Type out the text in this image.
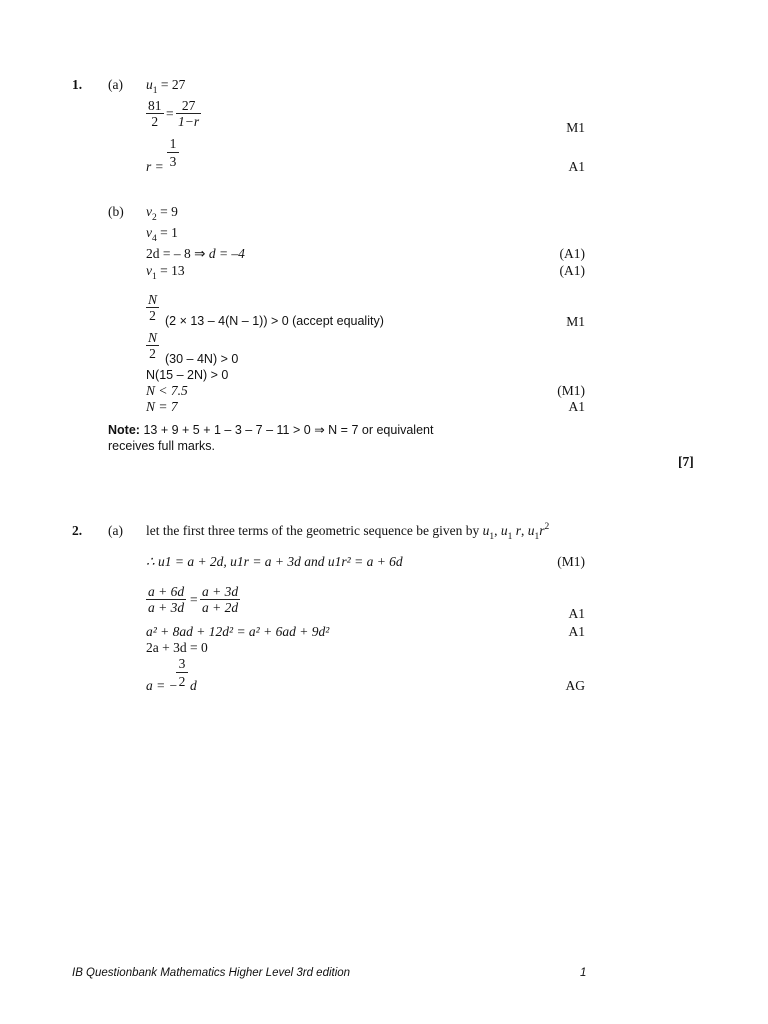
1. (a) $u_1 = 27$
$\frac{81}{2} = \frac{27}{1-r}$	M1
r =
1
3	A1
(b) $v_2 = 9$
$v_4 = 1$
2d = – 8 ⇒ d = –4	(A1)
$v_1 = 13$	(A1)
$\frac{N}{2} (2 \times 13 - 4(N - 1)) > 0$ (accept equality)	M1
$\frac{N}{2} (30 - 4N) > 0$
N(15 – 2N) > 0
N < 7.5	(M1)
N = 7	A1
Note: 13 + 9 + 5 + 1 – 3 – 7 – 11 > 0 ⇒ N = 7 or equivalent
receives full marks.
[7]
2. (a) let the first three terms of the geometric sequence be given by $u_1$, $u_1$ r, $u_1r^2$
∴ u1 = a + 2d, u1r = a + 3d and u1r² = a + 6d	(M1)
$\frac{a + 6d}{a + 3d} = \frac{a + 3d}{a + 2d}$	A1
a² + 8ad + 12d² = a² + 6ad + 9d²	A1
2a + 3d = 0
a = −
3
2 d	AG
IB Questionbank Mathematics Higher Level 3rd edition	1
